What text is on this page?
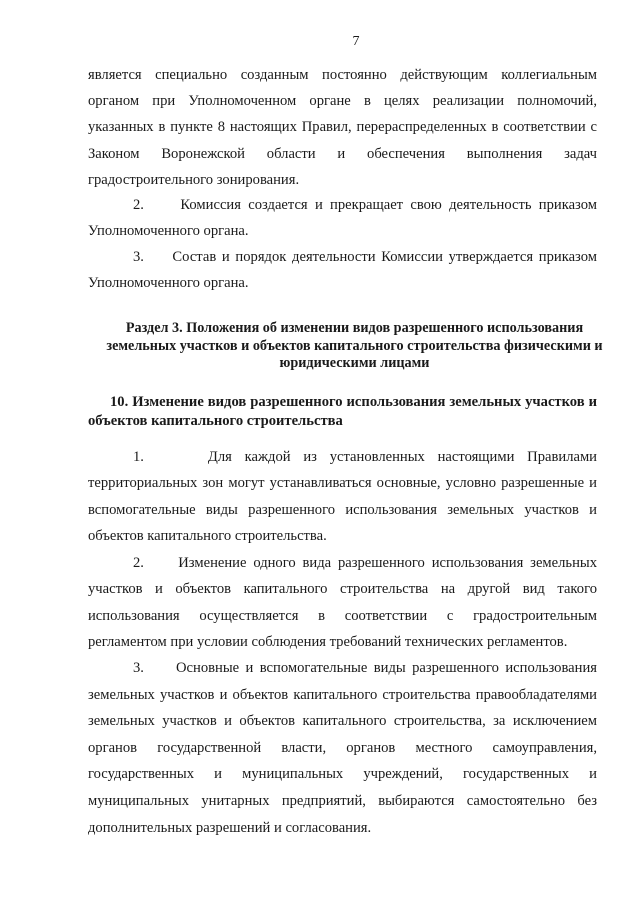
7

является специально созданным постоянно действующим коллегиальным органом при Уполномоченном органе в целях реализации полномочий, указанных в пункте 8 настоящих Правил, перераспределенных в соответствии с Законом Воронежской области и обеспечения выполнения задач градостроительного зонирования.

2.     Комиссия создается и прекращает свою деятельность приказом Уполномоченного органа.

3.     Состав и порядок деятельности Комиссии утверждается приказом Уполномоченного органа.

Раздел 3. Положения об изменении видов разрешенного использования земельных участков и объектов капитального строительства физическими и юридическими лицами
10. Изменение видов разрешенного использования земельных участков и объектов капитального строительства

1.     Для каждой из установленных настоящими Правилами территориальных зон могут устанавливаться основные, условно разрешенные и вспомогательные виды разрешенного использования земельных участков и объектов капитального строительства.

2.     Изменение одного вида разрешенного использования земельных участков и объектов капитального строительства на другой вид такого использования осуществляется в соответствии с градостроительным регламентом при условии соблюдения требований технических регламентов.

3.     Основные и вспомогательные виды разрешенного использования земельных участков и объектов капитального строительства правообладателями земельных участков и объектов капитального строительства, за исключением органов государственной власти, органов местного самоуправления, государственных и муниципальных учреждений, государственных и муниципальных унитарных предприятий, выбираются самостоятельно без дополнительных разрешений и согласования.
